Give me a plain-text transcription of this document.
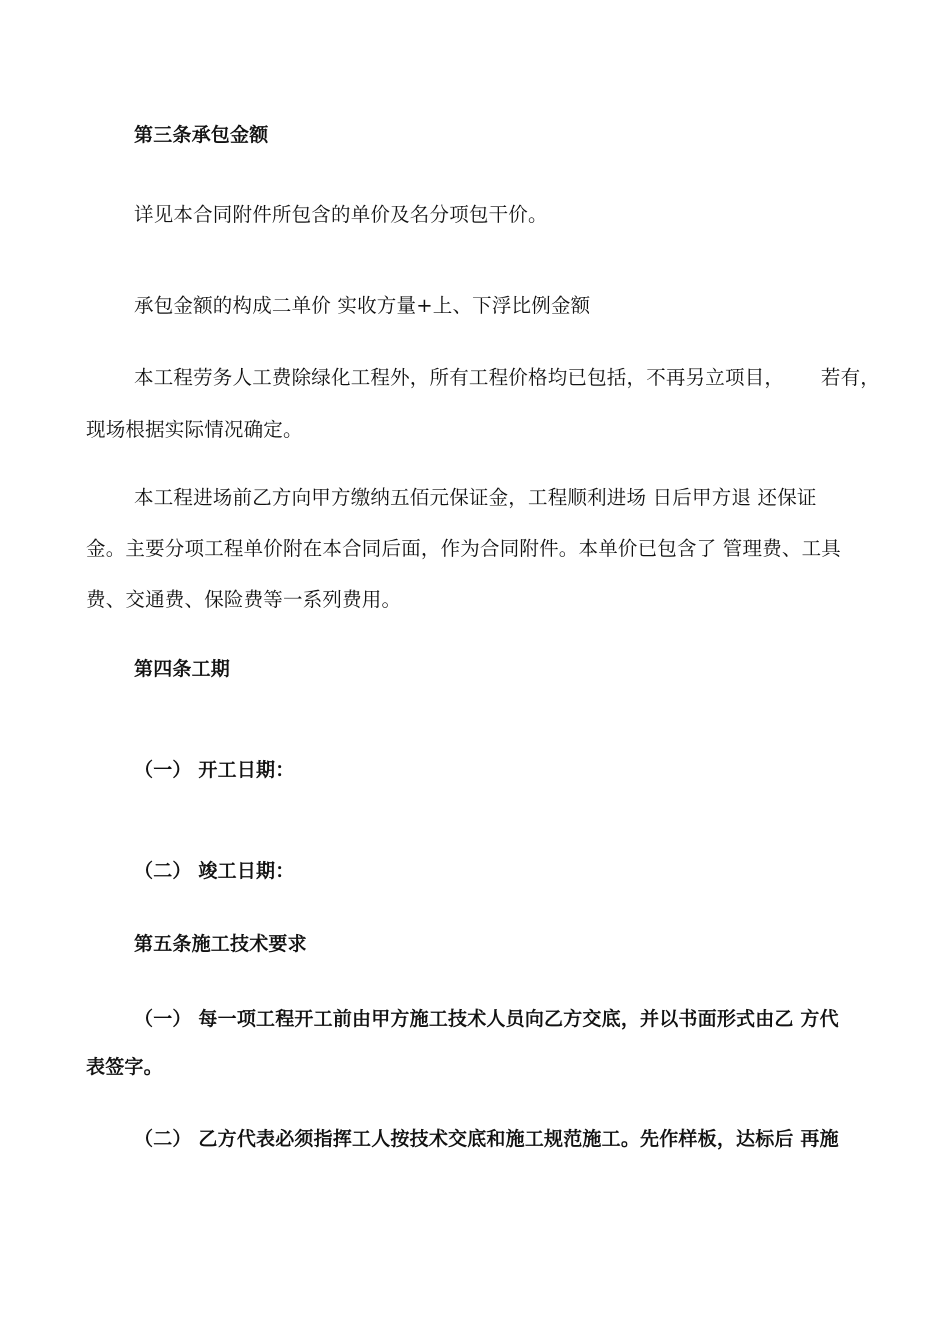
第三条承包金额
详见本合同附件所包含的单价及名分项包干价。
承包金额的构成二单价 实收方量+上、下浮比例金额
本工程劳务人工费除绿化工程外，所有工程价格均已包括，不再另立项目， 若有，
现场根据实际情况确定。
本工程进场前乙方向甲方缴纳五佰元保证金，工程顺利进场 日后甲方退 还保证
金。主要分项工程单价附在本合同后面，作为合同附件。本单价已包含了 管理费、工具
费、交通费、保险费等一系列费用。
第四条工期
（一） 开工日期：
（二） 竣工日期：
第五条施工技术要求
（一） 每一项工程开工前由甲方施工技术人员向乙方交底，并以书面形式由乙 方代
表签字。
（二） 乙方代表必须指挥工人按技术交底和施工规范施工。先作样板，达标后 再施
